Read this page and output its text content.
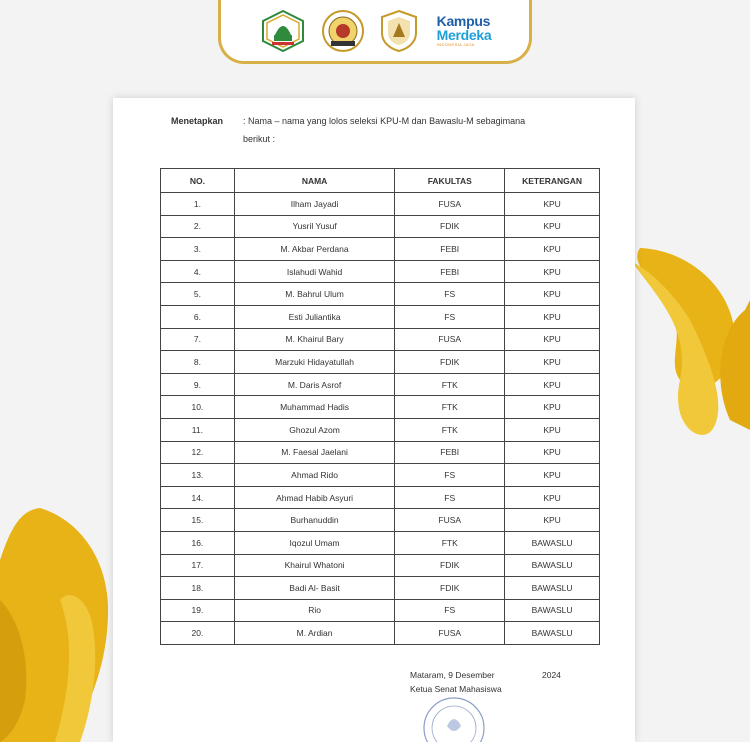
Kampus
Merdeka
INDONESIA JAYA
Menetapkan : Nama – nama yang lolos seleksi KPU-M dan Bawaslu-M sebagimana
berikut :
NO.	NAMA	FAKULTAS	KETERANGAN
1.	Ilham Jayadi	FUSA	KPU
2.	Yusril Yusuf	FDIK	KPU
3.	M. Akbar Perdana	FEBI	KPU
4.	Islahudi Wahid	FEBI	KPU
5.	M. Bahrul Ulum	FS	KPU
6.	Esti Juliantika	FS	KPU
7.	M. Khairul Bary	FUSA	KPU
8.	Marzuki Hidayatullah	FDIK	KPU
9.	M. Daris Asrof	FTK	KPU
10.	Muhammad Hadis	FTK	KPU
11.	Ghozul Azom	FTK	KPU
12.	M. Faesal Jaelani	FEBI	KPU
13.	Ahmad Rido	FS	KPU
14.	Ahmad Habib Asyuri	FS	KPU
15.	Burhanuddin	FUSA	KPU
16.	Iqozul Umam	FTK	BAWASLU
17.	Khairul Whatoni	FDIK	BAWASLU
18.	Badi Al- Basit	FDIK	BAWASLU
19.	Rio	FS	BAWASLU
20.	M. Ardian	FUSA	BAWASLU
Mataram, 9 Desember	2024

Ketua Senat Mahasiswa
